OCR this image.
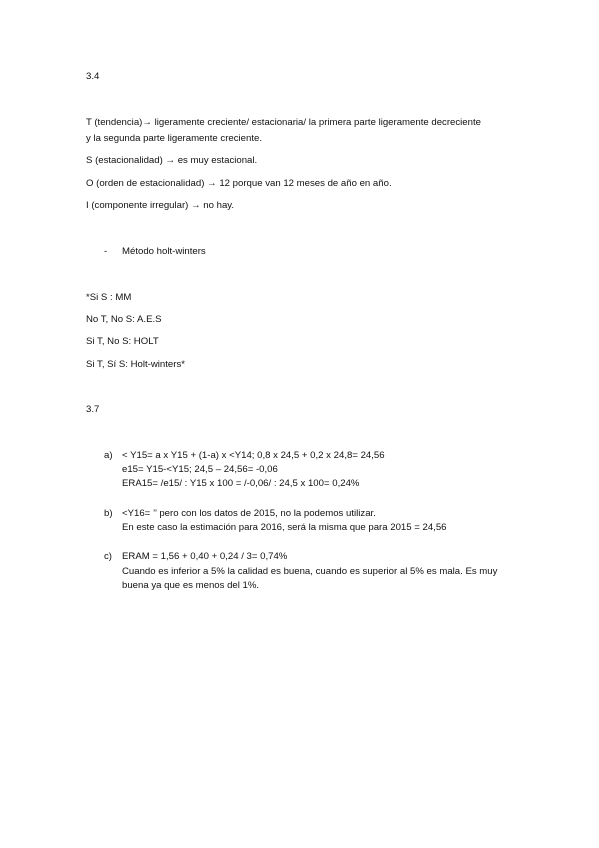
3.4
T (tendencia)→ ligeramente creciente/ estacionaria/ la primera parte ligeramente decreciente
y la segunda parte ligeramente creciente.
S (estacionalidad) → es muy estacional.
O (orden de estacionalidad) → 12 porque van 12 meses de año en año.
I (componente irregular) → no hay.
- Método holt-winters
*Si S : MM
No T, No S: A.E.S
Si T, No S: HOLT
Si T, Sí S: Holt-winters*
3.7
a) < Y15= a x Y15 + (1-a) x <Y14; 0,8 x 24,5 + 0,2 x 24,8= 24,56
e15= Y15-<Y15; 24,5 – 24,56= -0,06
ERA15= /e15/ : Y15 x 100 = /-0,06/ : 24,5 x 100= 0,24%
b) <Y16= ’’ pero con los datos de 2015, no la podemos utilizar.
En este caso la estimación para 2016, será la misma que para 2015 = 24,56
c) ERAM = 1,56 + 0,40 + 0,24 / 3= 0,74%
Cuando es inferior a 5% la calidad es buena, cuando es superior al 5% es mala. Es muy
buena ya que es menos del 1%.
